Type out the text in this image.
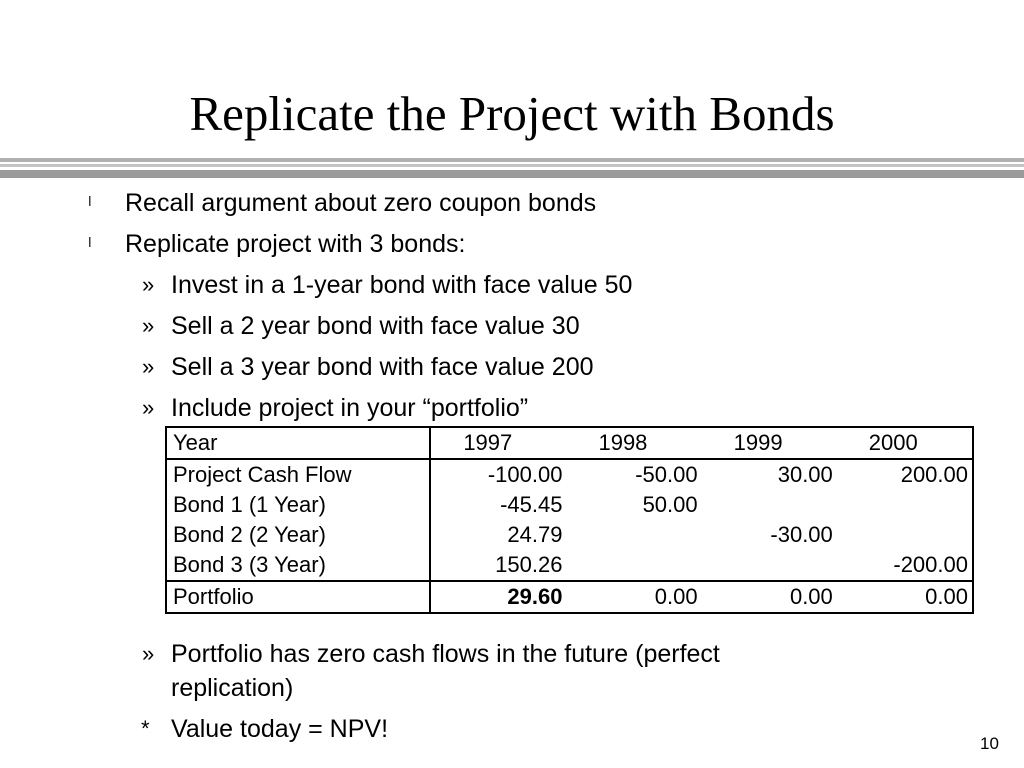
Replicate the Project with Bonds
l Recall argument about zero coupon bonds
l Replicate project with 3 bonds:
» Invest in a 1-year bond with face value 50
» Sell a 2 year bond with face value 30
» Sell a 3 year bond with face value 200
» Include project in your “portfolio”
Year	1997	1998	1999	2000
Project Cash Flow	-100.00	-50.00	30.00	200.00
Bond 1 (1 Year)	-45.45	50.00		
Bond 2 (2 Year)	24.79		-30.00	
Bond 3 (3 Year)	150.26			-200.00
Portfolio	29.60	0.00	0.00	0.00
» Portfolio has zero cash flows in the future (perfect
replication)
* Value today = NPV!
10
